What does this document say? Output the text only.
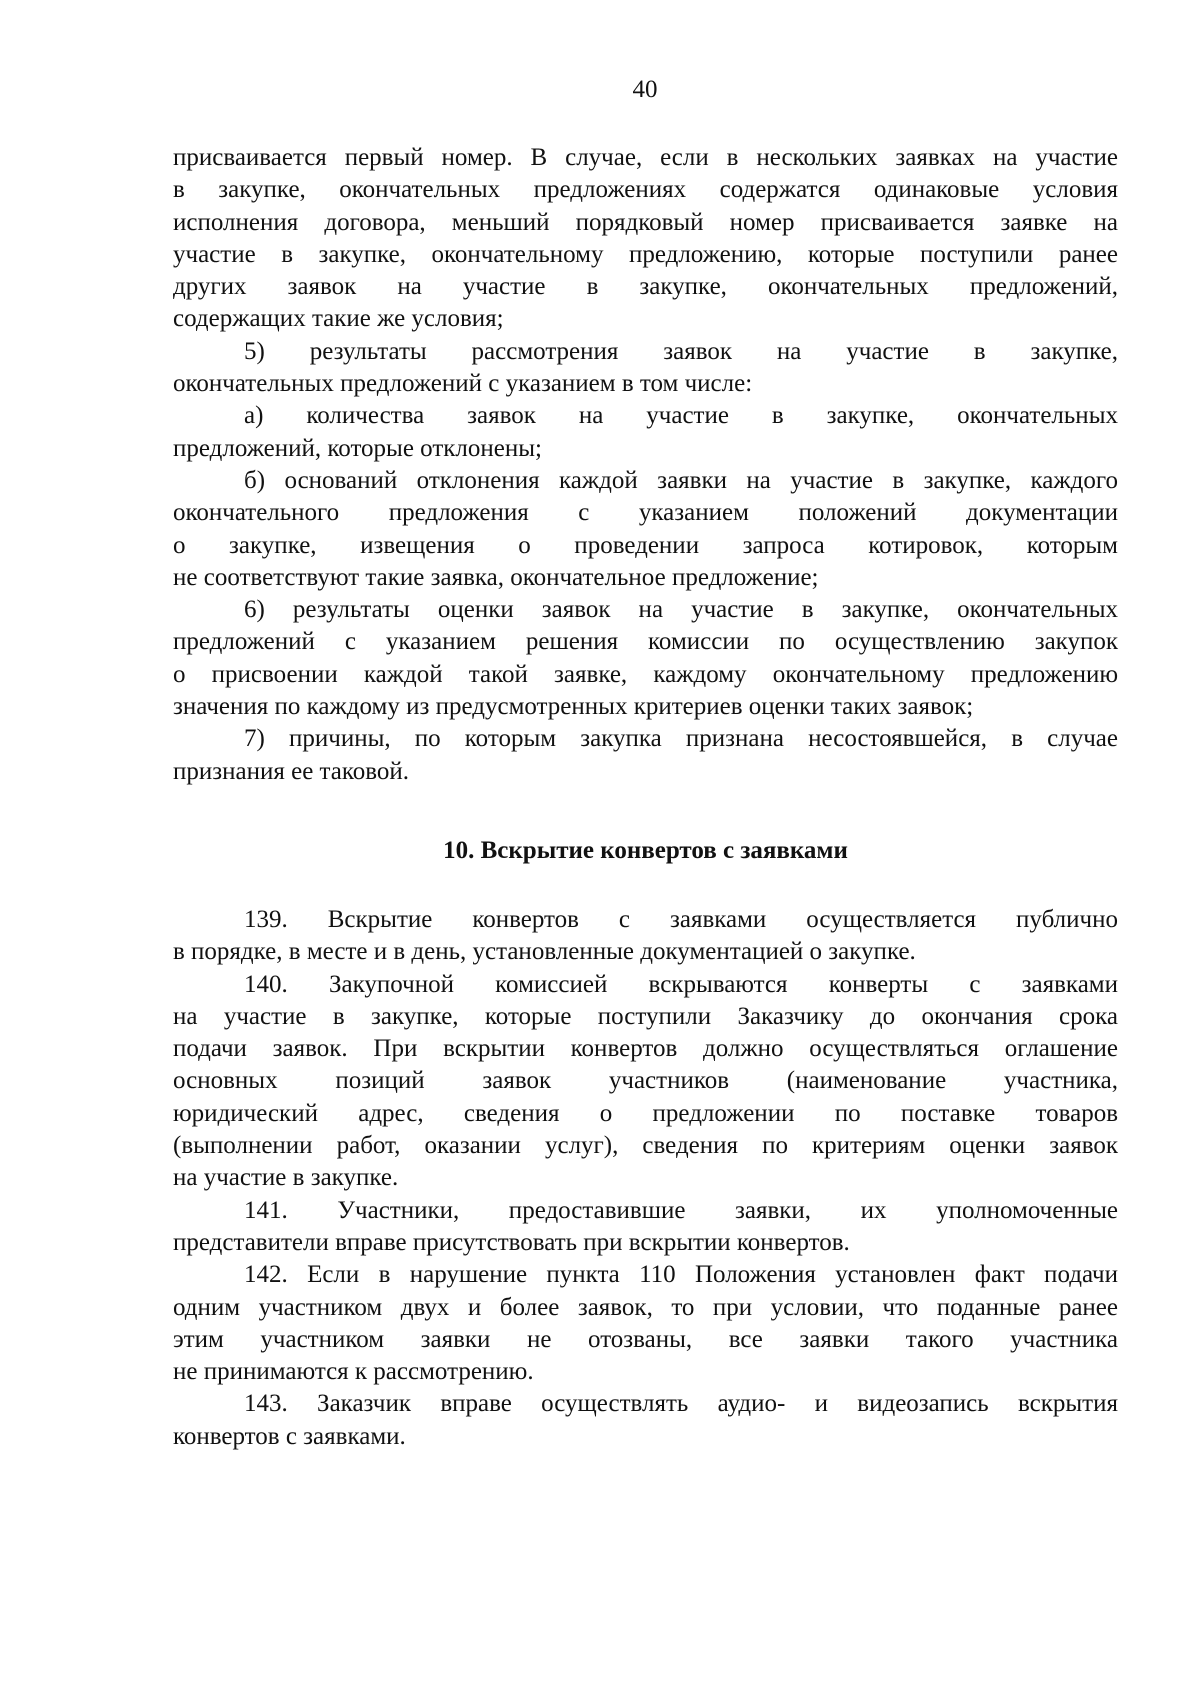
40

присваивается первый номер. В случае, если в нескольких заявках на участие
в закупке, окончательных предложениях содержатся одинаковые условия
исполнения договора, меньший порядковый номер присваивается заявке на
участие в закупке, окончательному предложению, которые поступили ранее
других заявок на участие в закупке, окончательных предложений,
содержащих такие же условия;

5) результаты рассмотрения заявок на участие в закупке,
окончательных предложений с указанием в том числе:

а) количества заявок на участие в закупке, окончательных
предложений, которые отклонены;

б) оснований отклонения каждой заявки на участие в закупке, каждого
окончательного предложения с указанием положений документации
о закупке, извещения о проведении запроса котировок, которым
не соответствуют такие заявка, окончательное предложение;

6) результаты оценки заявок на участие в закупке, окончательных
предложений с указанием решения комиссии по осуществлению закупок
о присвоении каждой такой заявке, каждому окончательному предложению
значения по каждому из предусмотренных критериев оценки таких заявок;

7) причины, по которым закупка признана несостоявшейся, в случае
признания ее таковой.

10. Вскрытие конвертов с заявками

139. Вскрытие конвертов с заявками осуществляется публично
в порядке, в месте и в день, установленные документацией о закупке.

140. Закупочной комиссией вскрываются конверты с заявками
на участие в закупке, которые поступили Заказчику до окончания срока
подачи заявок. При вскрытии конвертов должно осуществляться оглашение
основных позиций заявок участников (наименование участника,
юридический адрес, сведения о предложении по поставке товаров
(выполнении работ, оказании услуг), сведения по критериям оценки заявок
на участие в закупке.

141. Участники, предоставившие заявки, их уполномоченные
представители вправе присутствовать при вскрытии конвертов.

142. Если в нарушение пункта 110 Положения установлен факт подачи
одним участником двух и более заявок, то при условии, что поданные ранее
этим участником заявки не отозваны, все заявки такого участника
не принимаются к рассмотрению.

143. Заказчик вправе осуществлять аудио- и видеозапись вскрытия
конвертов с заявками.
